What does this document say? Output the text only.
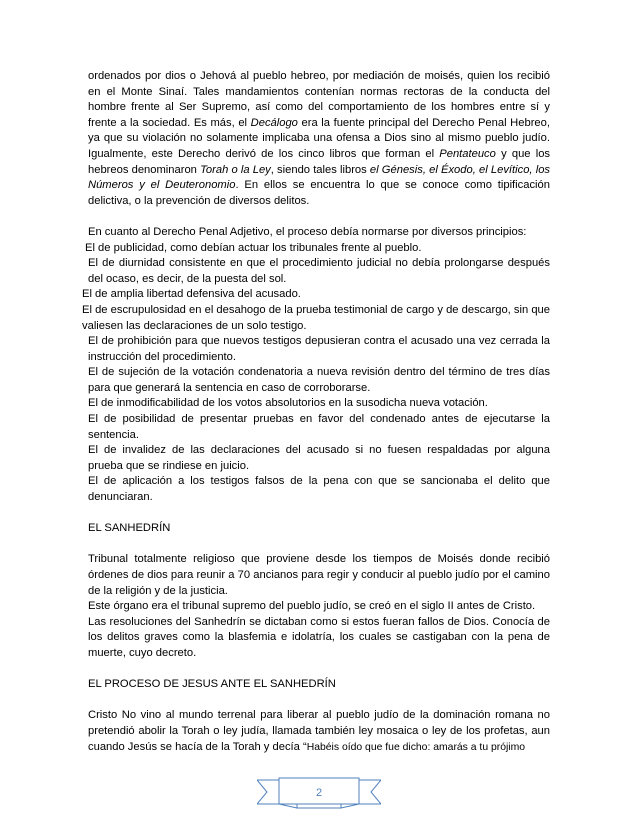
ordenados por dios o Jehová al pueblo hebreo, por mediación de moisés, quien los recibió en el Monte Sinaí. Tales mandamientos contenían normas rectoras de la conducta del hombre frente al Ser Supremo, así como del comportamiento de los hombres entre sí y frente a la sociedad. Es más, el Decálogo era la fuente principal del Derecho Penal Hebreo, ya que su violación no solamente implicaba una ofensa a Dios sino al mismo pueblo judío. Igualmente, este Derecho derivó de los cinco libros que forman el Pentateuco y que los hebreos denominaron Torah o la Ley, siendo tales libros el Génesis, el Éxodo, el Levítico, los Números y el Deuteronomio. En ellos se encuentra lo que se conoce como tipificación delictiva, o la prevención de diversos delitos.

En cuanto al Derecho Penal Adjetivo, el proceso debía normarse por diversos principios:

El de publicidad, como debían actuar los tribunales frente al pueblo.

El de diurnidad consistente en que el procedimiento judicial no debía prolongarse después del ocaso, es decir, de la puesta del sol.

El de amplia libertad defensiva del acusado.

El de escrupulosidad en el desahogo de la prueba testimonial de cargo y de descargo, sin que valiesen las declaraciones de un solo testigo.

El de prohibición para que nuevos testigos depusieran contra el acusado una vez cerrada la instrucción del procedimiento.

El de sujeción de la votación condenatoria a nueva revisión dentro del término de tres días para que generará la sentencia en caso de corroborarse.

El de inmodificabilidad de los votos absolutorios en la susodicha nueva votación.

El de posibilidad de presentar pruebas en favor del condenado antes de ejecutarse la sentencia.

El de invalidez de las declaraciones del acusado si no fuesen respaldadas por alguna prueba que se rindiese en juicio.

El de aplicación a los testigos falsos de la pena con que se sancionaba el delito que denunciaran.

EL SANHEDRÍN

Tribunal totalmente religioso que proviene desde los tiempos de Moisés donde recibió órdenes de dios para reunir a 70 ancianos para regir y conducir al pueblo judío por el camino de la religión y de la justicia.

Este órgano era el tribunal supremo del pueblo judío, se creó en el siglo II antes de Cristo.

Las resoluciones del Sanhedrín se dictaban como si estos fueran fallos de Dios. Conocía de los delitos graves como la blasfemia e idolatría, los cuales se castigaban con la pena de muerte, cuyo decreto.

EL PROCESO DE JESUS ANTE EL SANHEDRÍN

Cristo No vino al mundo terrenal para liberar al pueblo judío de la dominación romana no pretendió abolir la Torah o ley judía, llamada también ley mosaica o ley de los profetas, aun cuando Jesús se hacía de la Torah y decía “Habéis oído que fue dicho: amarás a tu prójimo

2
